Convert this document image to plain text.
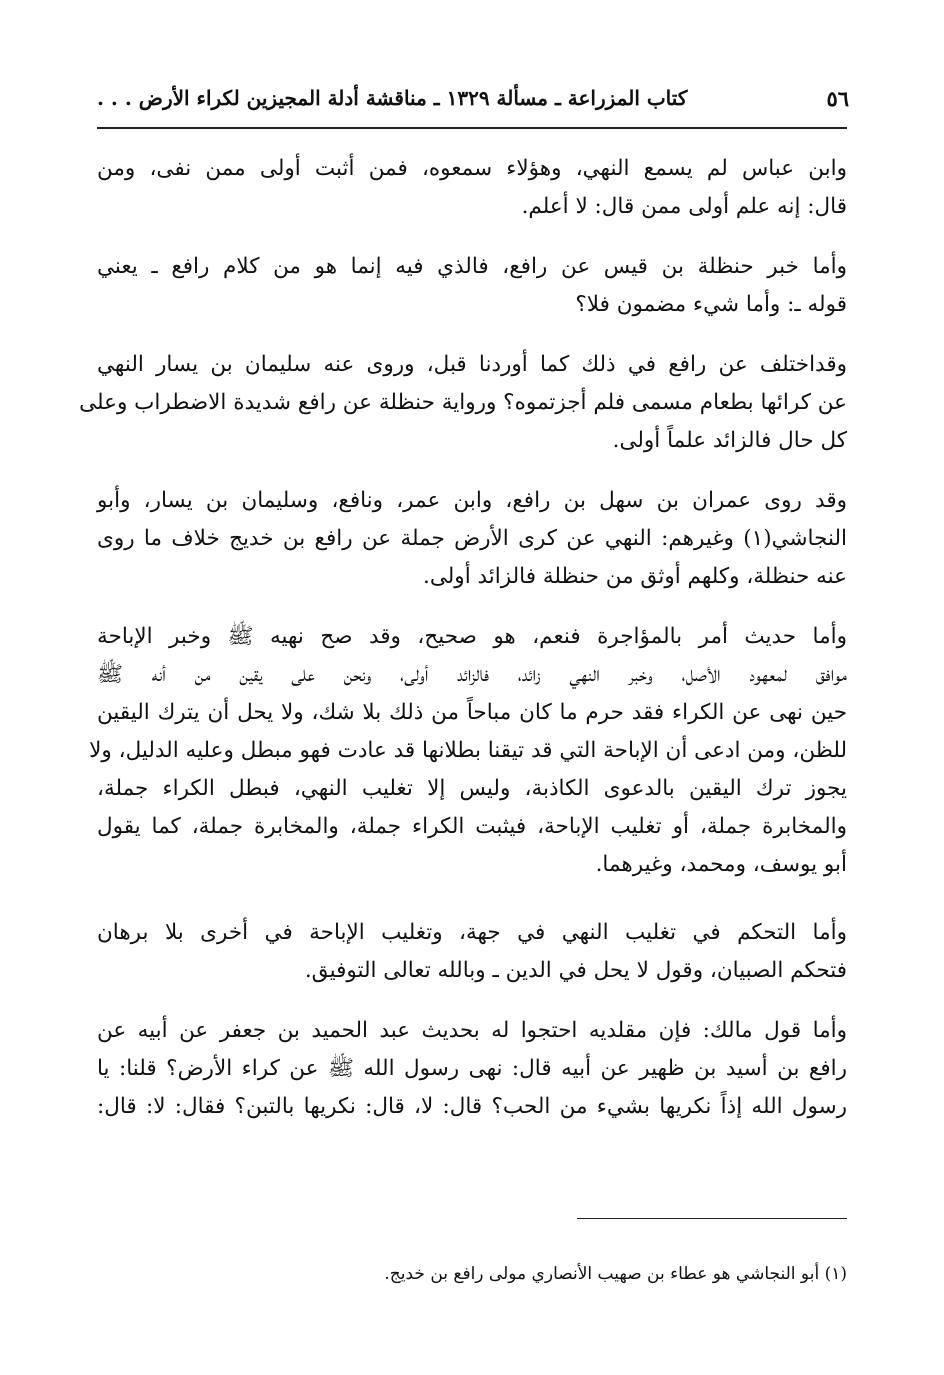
٥٦
كتاب المزراعة ـ مسألة ١٣٢٩ ـ مناقشة أدلة المجيزين لكراء الأرض . . .
وابن عباس لم يسمع النهي، وهؤلاء سمعوه، فمن أثبت أولى ممن نفى، ومن
قال: إنه علم أولى ممن قال: لا أعلم.
وأما خبر حنظلة بن قيس عن رافع، فالذي فيه إنما هو من كلام رافع ـ يعني
قوله ـ: وأما شيء مضمون فلا؟
وقداختلف عن رافع في ذلك كما أوردنا قبل، وروى عنه سليمان بن يسار النهي
عن كرائها بطعام مسمى فلم أجزتموه؟ ورواية حنظلة عن رافع شديدة الاضطراب وعلى
كل حال فالزائد علماً أولى.
وقد روى عمران بن سهل بن رافع، وابن عمر، ونافع، وسليمان بن يسار، وأبو
النجاشي(١) وغيرهم: النهي عن كرى الأرض جملة عن رافع بن خديج خلاف ما روى
عنه حنظلة، وكلهم أوثق من حنظلة فالزائد أولى.
وأما حديث أمر بالمؤاجرة فنعم، هو صحيح، وقد صح نهيه ﷺ وخبر الإباحة
موافق لمعهود الأصل، وخبر النهي زائد، فالزائد أولى، ونحن على يقين من أنه ﷺ
حين نهى عن الكراء فقد حرم ما كان مباحاً من ذلك بلا شك، ولا يحل أن يترك اليقين
للظن، ومن ادعى أن الإباحة التي قد تيقنا بطلانها قد عادت فهو مبطل وعليه الدليل، ولا
يجوز ترك اليقين بالدعوى الكاذبة، وليس إلا تغليب النهي، فبطل الكراء جملة،
والمخابرة جملة، أو تغليب الإباحة، فيثبت الكراء جملة، والمخابرة جملة، كما يقول
أبو يوسف، ومحمد، وغيرهما.
وأما التحكم في تغليب النهي في جهة، وتغليب الإباحة في أخرى بلا برهان
فتحكم الصبيان، وقول لا يحل في الدين ـ وبالله تعالى التوفيق.
وأما قول مالك: فإن مقلديه احتجوا له بحديث عبد الحميد بن جعفر عن أبيه عن
رافع بن أسيد بن ظهير عن أبيه قال: نهى رسول الله ﷺ عن كراء الأرض؟ قلنا: يا
رسول الله إذاً نكريها بشيء من الحب؟ قال: لا، قال: نكريها بالتبن؟ فقال: لا: قال:
(١) أبو النجاشي هو عطاء بن صهيب الأنصاري مولى رافع بن خديج.
